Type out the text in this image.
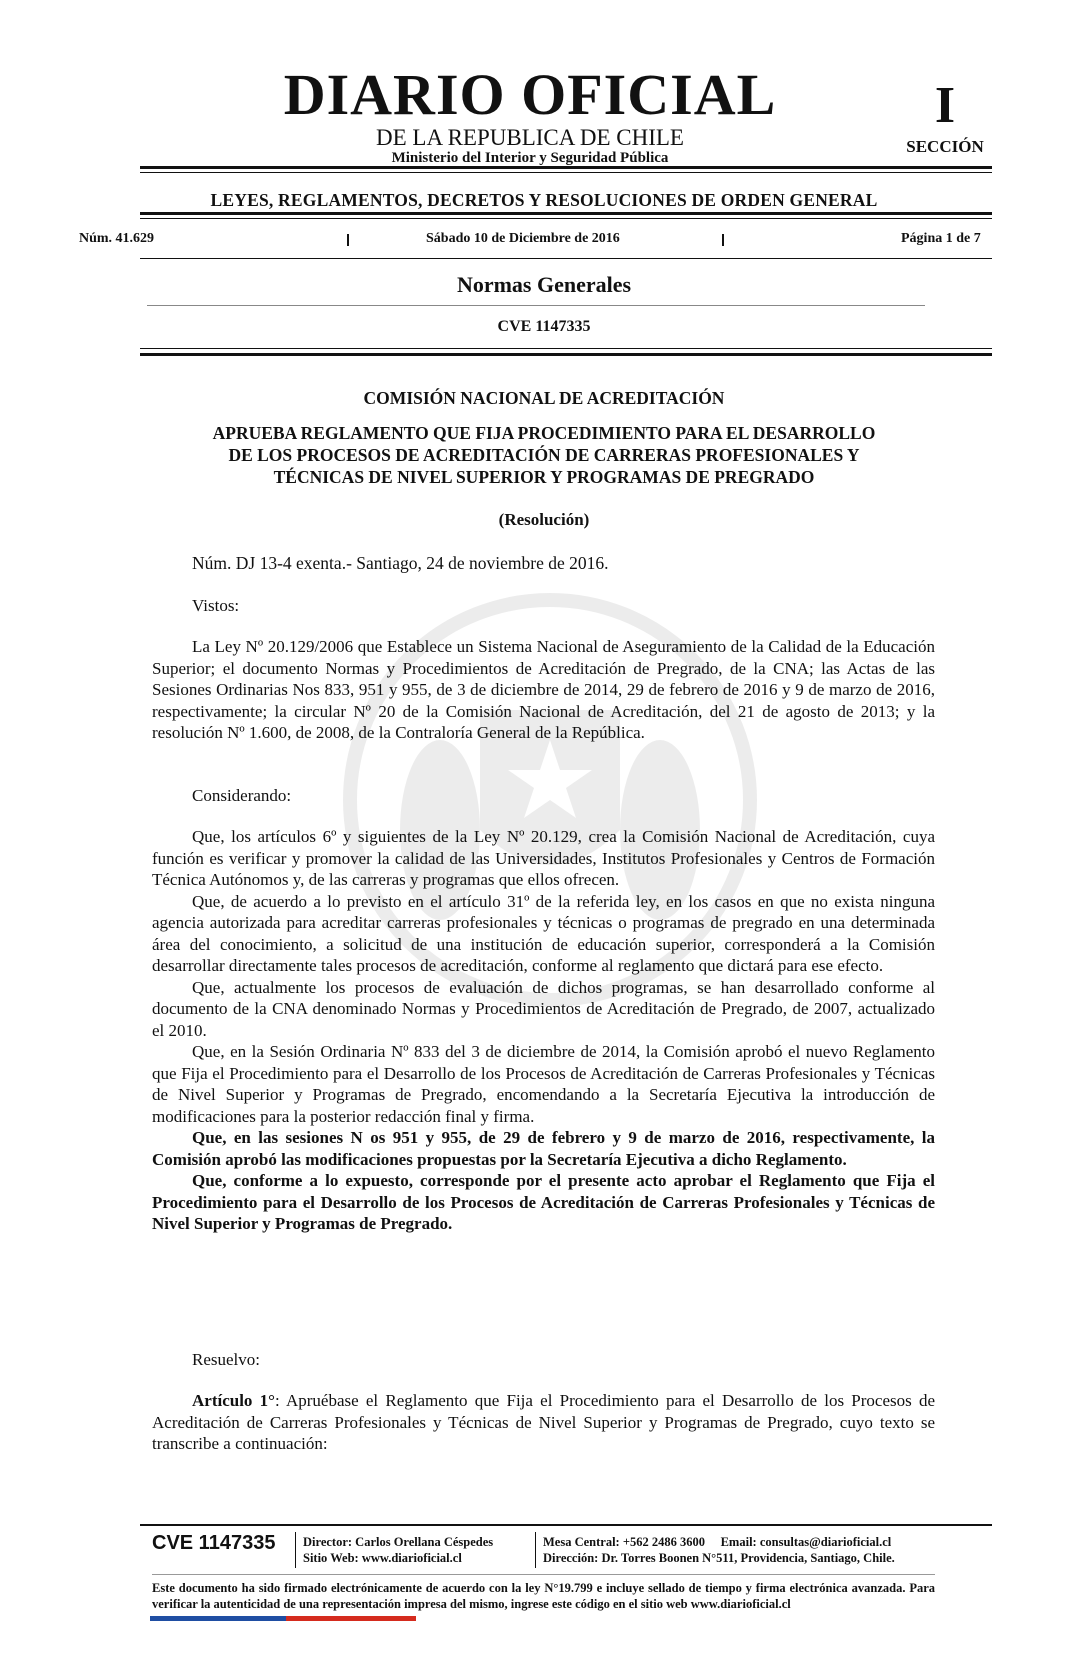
DIARIO OFICIAL
DE LA REPUBLICA DE CHILE
Ministerio del Interior y Seguridad Pública
I
SECCIÓN
LEYES, REGLAMENTOS, DECRETOS Y RESOLUCIONES DE ORDEN GENERAL
Núm. 41.629	Sábado 10 de Diciembre de 2016	Página 1 de 7
Normas Generales
CVE 1147335
COMISIÓN NACIONAL DE ACREDITACIÓN
APRUEBA REGLAMENTO QUE FIJA PROCEDIMIENTO PARA EL DESARROLLO
DE LOS PROCESOS DE ACREDITACIÓN DE CARRERAS PROFESIONALES Y
TÉCNICAS DE NIVEL SUPERIOR Y PROGRAMAS DE PREGRADO
(Resolución)
Núm. DJ 13-4 exenta.- Santiago, 24 de noviembre de 2016.
Vistos:

La Ley Nº 20.129/2006 que Establece un Sistema Nacional de Aseguramiento de la Calidad de la Educación Superior; el documento Normas y Procedimientos de Acreditación de Pregrado, de la CNA; las Actas de las Sesiones Ordinarias Nos 833, 951 y 955, de 3 de diciembre de 2014, 29 de febrero de 2016 y 9 de marzo de 2016, respectivamente; la circular Nº 20 de la Comisión Nacional de Acreditación, del 21 de agosto de 2013; y la resolución Nº 1.600, de 2008, de la Contraloría General de la República.

Considerando:

Que, los artículos 6º y siguientes de la Ley Nº 20.129, crea la Comisión Nacional de Acreditación, cuya función es verificar y promover la calidad de las Universidades, Institutos Profesionales y Centros de Formación Técnica Autónomos y, de las carreras y programas que ellos ofrecen.

Que, de acuerdo a lo previsto en el artículo 31º de la referida ley, en los casos en que no exista ninguna agencia autorizada para acreditar carreras profesionales y técnicas o programas de pregrado en una determinada área del conocimiento, a solicitud de una institución de educación superior, corresponderá a la Comisión desarrollar directamente tales procesos de acreditación, conforme al reglamento que dictará para ese efecto.

Que, actualmente los procesos de evaluación de dichos programas, se han desarrollado conforme al documento de la CNA denominado Normas y Procedimientos de Acreditación de Pregrado, de 2007, actualizado el 2010.

Que, en la Sesión Ordinaria Nº 833 del 3 de diciembre de 2014, la Comisión aprobó el nuevo Reglamento que Fija el Procedimiento para el Desarrollo de los Procesos de Acreditación de Carreras Profesionales y Técnicas de Nivel Superior y Programas de Pregrado, encomendando a la Secretaría Ejecutiva la introducción de modificaciones para la posterior redacción final y firma.

Que, en las sesiones N os 951 y 955, de 29 de febrero y 9 de marzo de 2016, respectivamente, la Comisión aprobó las modificaciones propuestas por la Secretaría Ejecutiva a dicho Reglamento.

Que, conforme a lo expuesto, corresponde por el presente acto aprobar el Reglamento que Fija el Procedimiento para el Desarrollo de los Procesos de Acreditación de Carreras Profesionales y Técnicas de Nivel Superior y Programas de Pregrado.

Resuelvo:

Artículo 1°: Apruébase el Reglamento que Fija el Procedimiento para el Desarrollo de los Procesos de Acreditación de Carreras Profesionales y Técnicas de Nivel Superior y Programas de Pregrado, cuyo texto se transcribe a continuación:

CVE 1147335 Director: Carlos Orellana Céspedes
Sitio Web: www.diarioficial.cl
Mesa Central: +562 2486 3600 Email: consultas@diarioficial.cl
Dirección: Dr. Torres Boonen N°511, Providencia, Santiago, Chile.
Este documento ha sido firmado electrónicamente de acuerdo con la ley N°19.799 e incluye sellado de tiempo y firma electrónica avanzada. Para verificar la autenticidad de una representación impresa del mismo, ingrese este código en el sitio web www.diarioficial.cl
